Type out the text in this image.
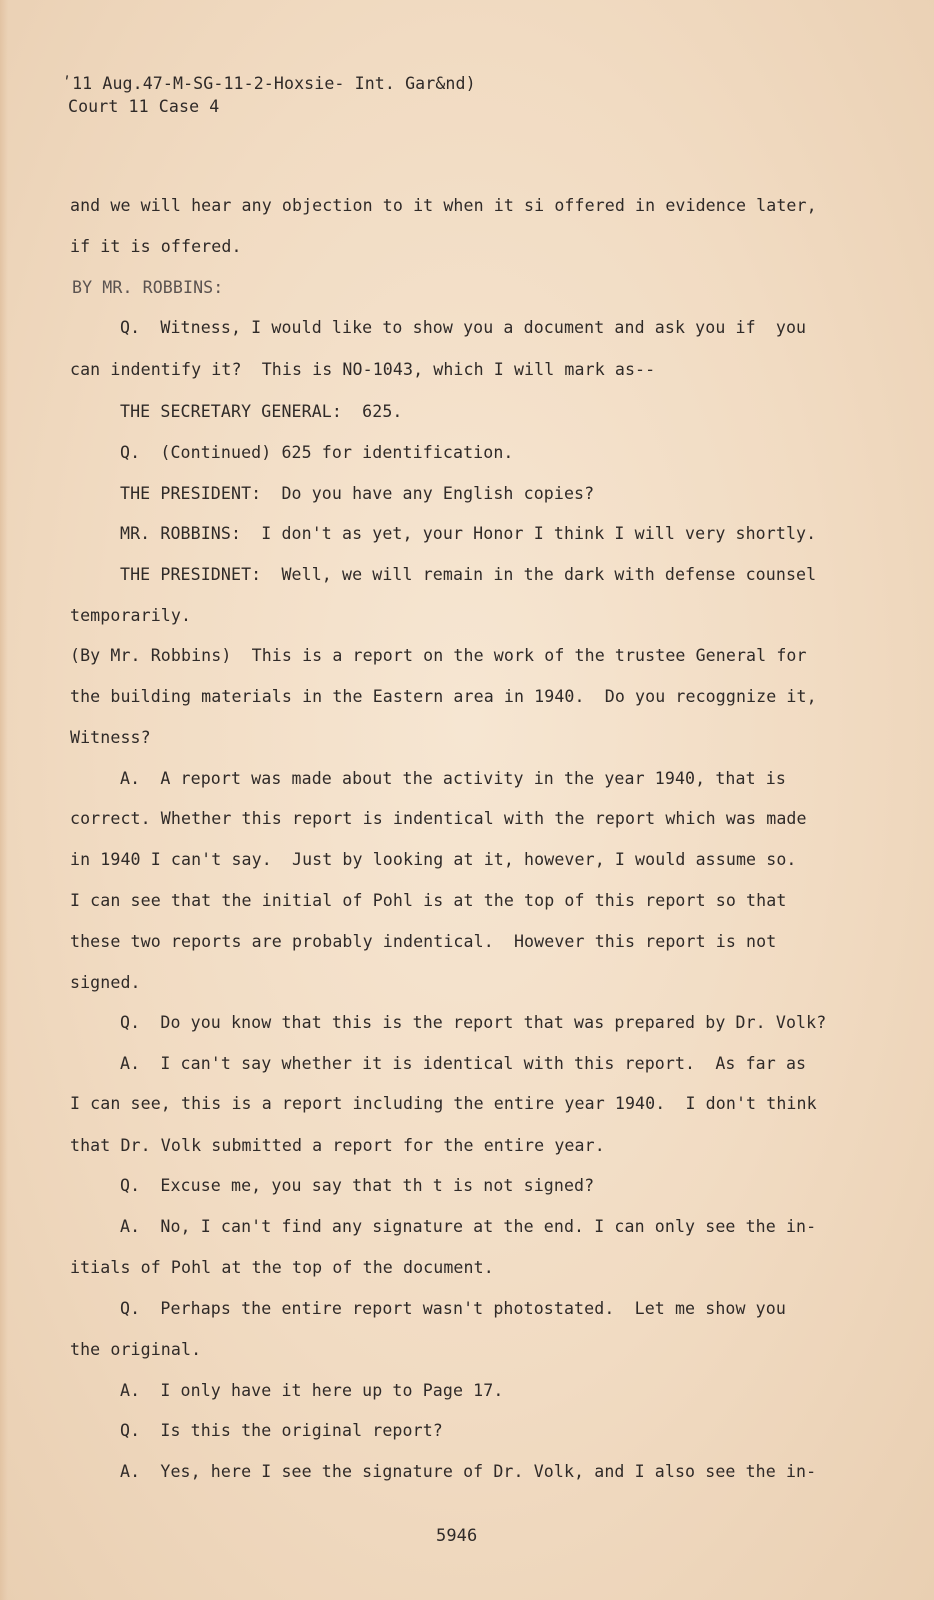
ʹ11 Aug.47-M-SG-11-2-Hoxsie- Int. Gar&nd)
Court 11 Case 4
and we will hear any objection to it when it si offered in evidence later,
if it is offered.
BY MR. ROBBINS:
Q.  Witness, I would like to show you a document and ask you if  you
can indentify it?  This is NO-1043, which I will mark as--
THE SECRETARY GENERAL:  625.
Q.  (Continued) 625 for identification.
THE PRESIDENT:  Do you have any English copies?
MR. ROBBINS:  I don't as yet, your Honor I think I will very shortly.
THE PRESIDNET:  Well, we will remain in the dark with defense counsel
temporarily.
(By Mr. Robbins)  This is a report on the work of the trustee General for
the building materials in the Eastern area in 1940.  Do you recoggnize it,
Witness?
A.  A report was made about the activity in the year 1940, that is
correct. Whether this report is indentical with the report which was made
in 1940 I can't say.  Just by looking at it, however, I would assume so.
I can see that the initial of Pohl is at the top of this report so that
these two reports are probably indentical.  However this report is not
signed.
Q.  Do you know that this is the report that was prepared by Dr. Volk?
A.  I can't say whether it is identical with this report.  As far as
I can see, this is a report including the entire year 1940.  I don't think
that Dr. Volk submitted a report for the entire year.
Q.  Excuse me, you say that th t is not signed?
A.  No, I can't find any signature at the end. I can only see the in-
itials of Pohl at the top of the document.
Q.  Perhaps the entire report wasn't photostated.  Let me show you
the original.
A.  I only have it here up to Page 17.
Q.  Is this the original report?
A.  Yes, here I see the signature of Dr. Volk, and I also see the in-
5946
